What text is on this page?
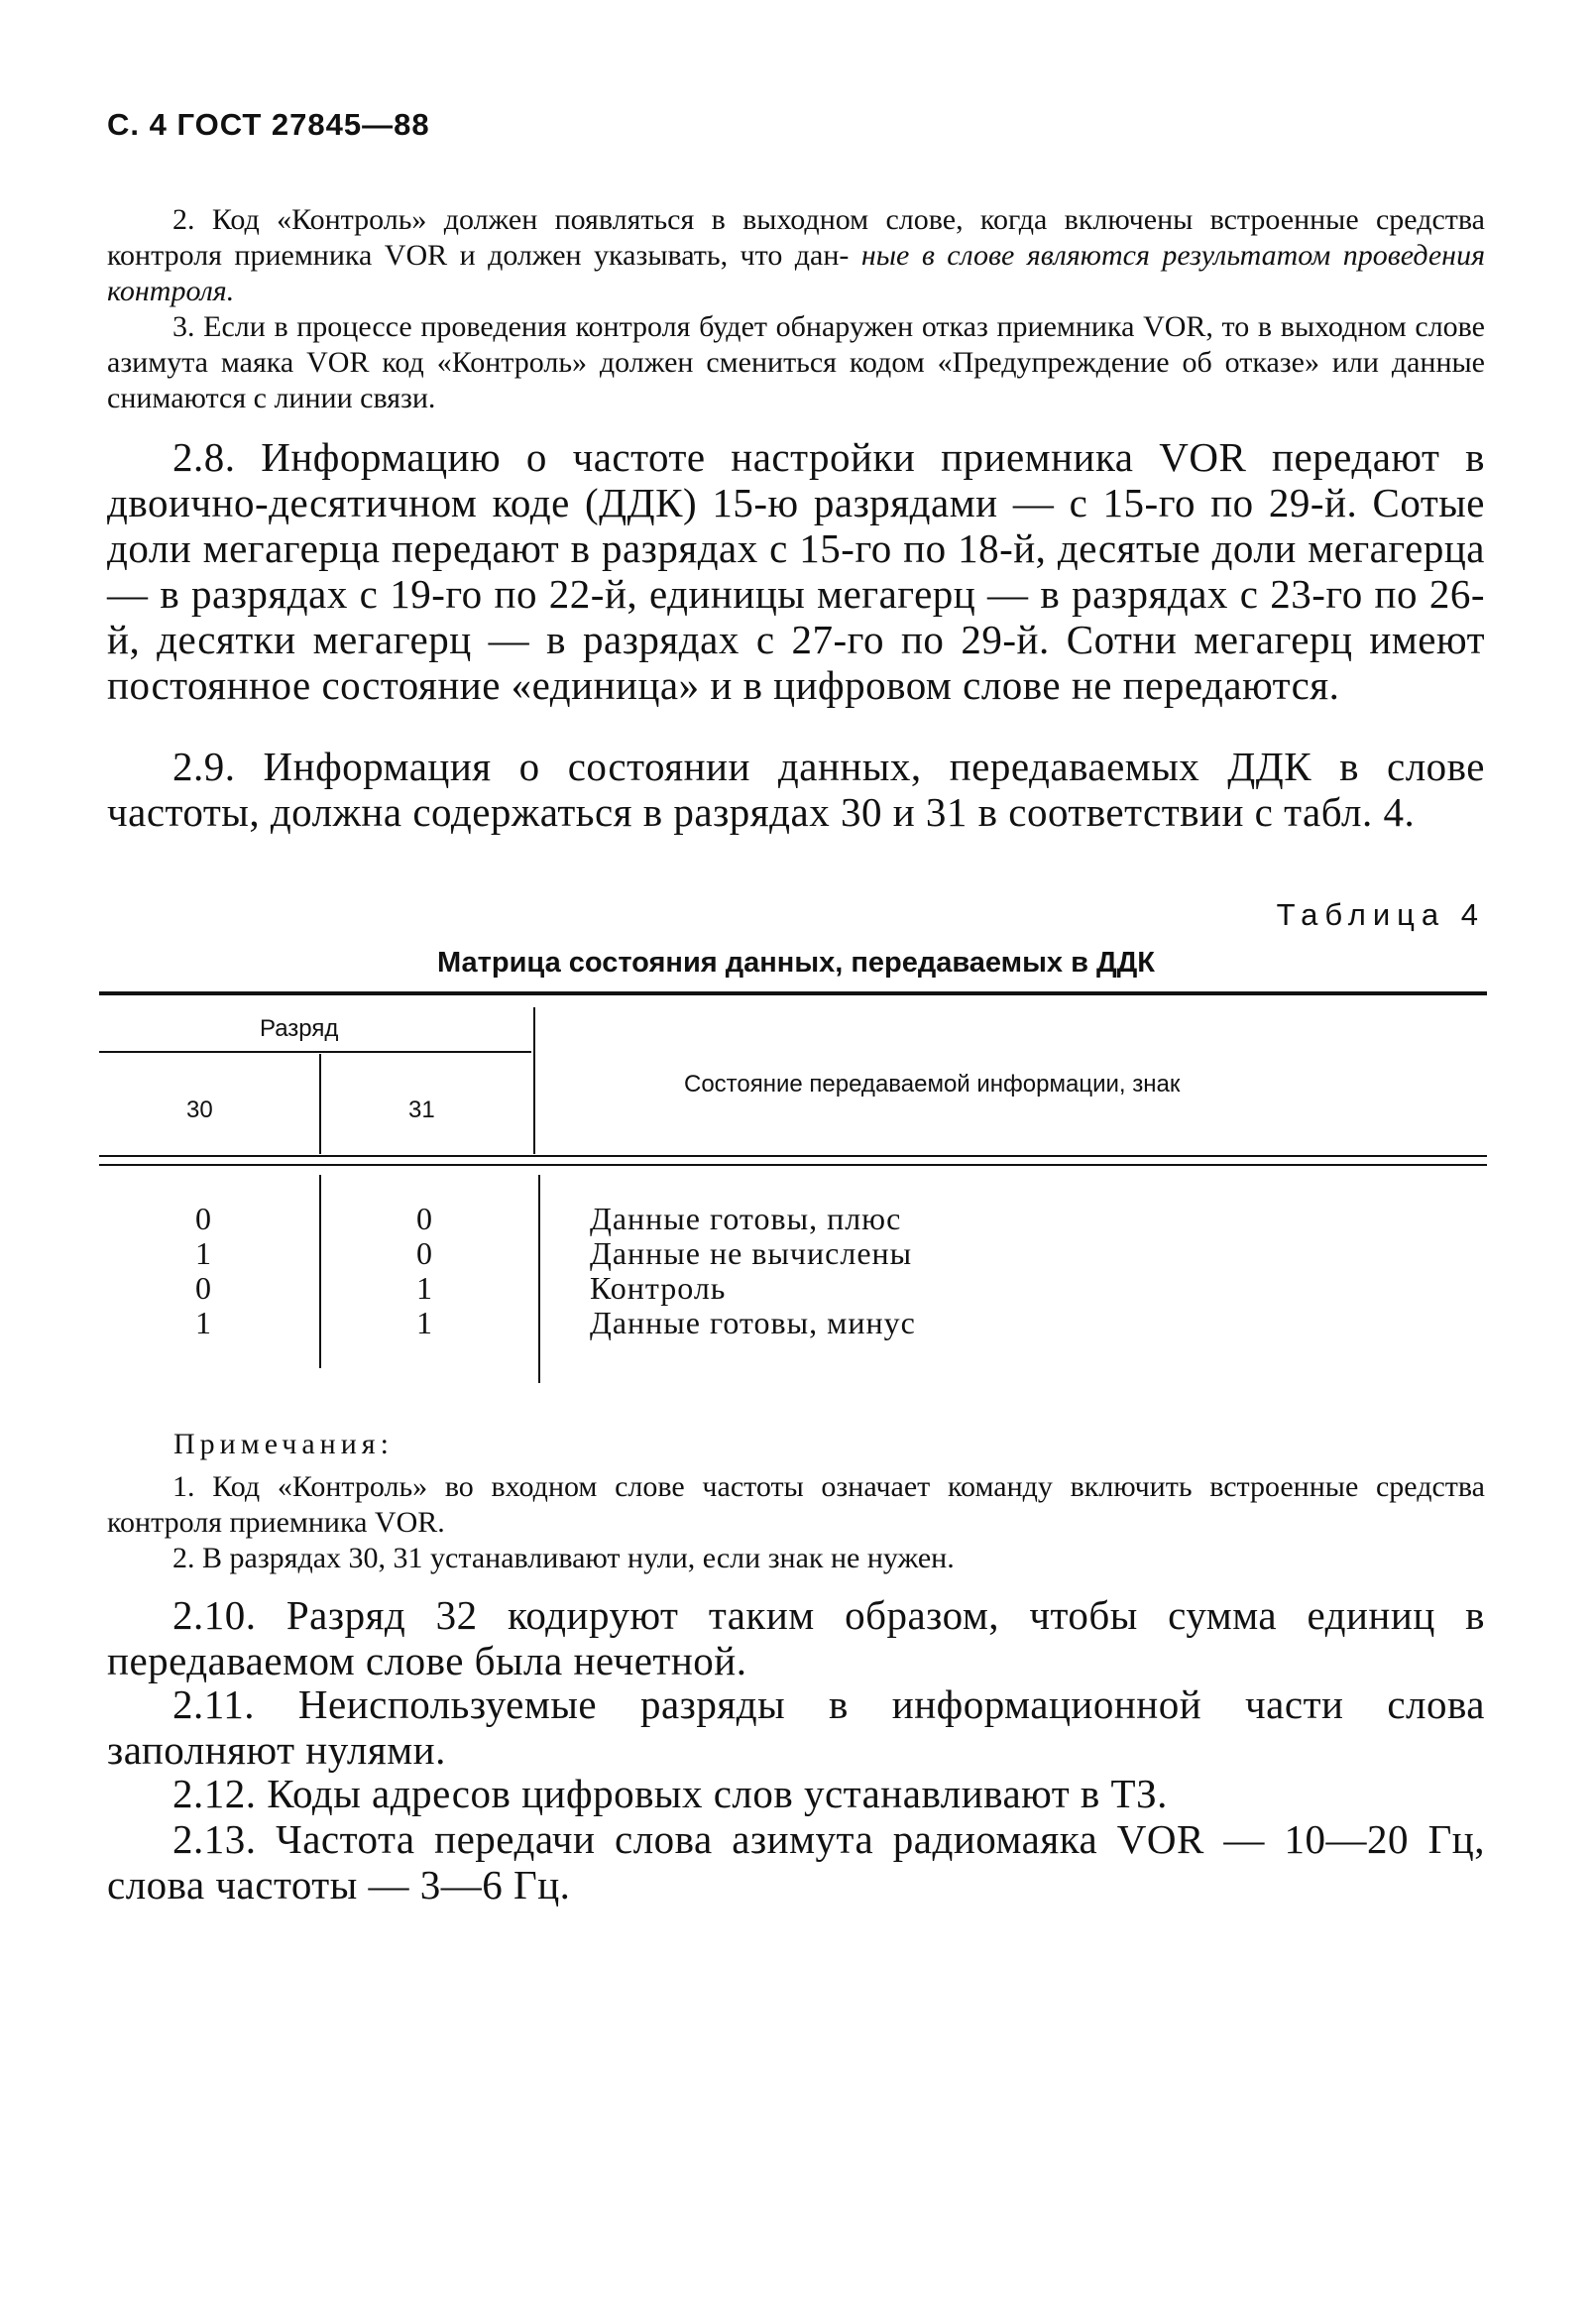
С. 4 ГОСТ 27845—88
2. Код «Контроль» должен появляться в выходном слове, когда включены встроенные средства контроля приемника VOR и должен указывать, что дан- ные в слове являются результатом проведения контроля.
3. Если в процессе проведения контроля будет обнаружен отказ приемника VOR, то в выходном слове азимута маяка VOR код «Контроль» должен смениться кодом «Предупреждение об отказе» или данные снимаются с линии связи.
2.8. Информацию о частоте настройки приемника VOR передают в двоично-десятичном коде (ДДК) 15-ю разрядами — с 15-го по 29-й. Сотые доли мегагерца передают в разрядах с 15-го по 18-й, десятые доли мегагерца — в разрядах с 19-го по 22-й, единицы мегагерц — в разрядах с 23-го по 26-й, десятки мегагерц — в разрядах с 27-го по 29-й. Сотни мегагерц имеют постоянное состояние «единица» и в цифровом слове не передаются.
2.9. Информация о состоянии данных, передаваемых ДДК в слове частоты, должна содержаться в разрядах 30 и 31 в соответствии с табл. 4.
Таблица 4
Матрица состояния данных, передаваемых в ДДК
Разряд
30	31
Состояние передаваемой информации, знак
0	0	Данные готовы, плюс
1	0	Данные не вычислены
0	1	Контроль
1	1	Данные готовы, минус
Примечания:
1. Код «Контроль» во входном слове частоты означает команду включить встроенные средства контроля приемника VOR.
2. В разрядах 30, 31 устанавливают нули, если знак не нужен.
2.10. Разряд 32 кодируют таким образом, чтобы сумма единиц в передаваемом слове была нечетной.
2.11. Неиспользуемые разряды в информационной части слова заполняют нулями.
2.12. Коды адресов цифровых слов устанавливают в ТЗ.
2.13. Частота передачи слова азимута радиомаяка VOR — 10—20 Гц, слова частоты — 3—6 Гц.
